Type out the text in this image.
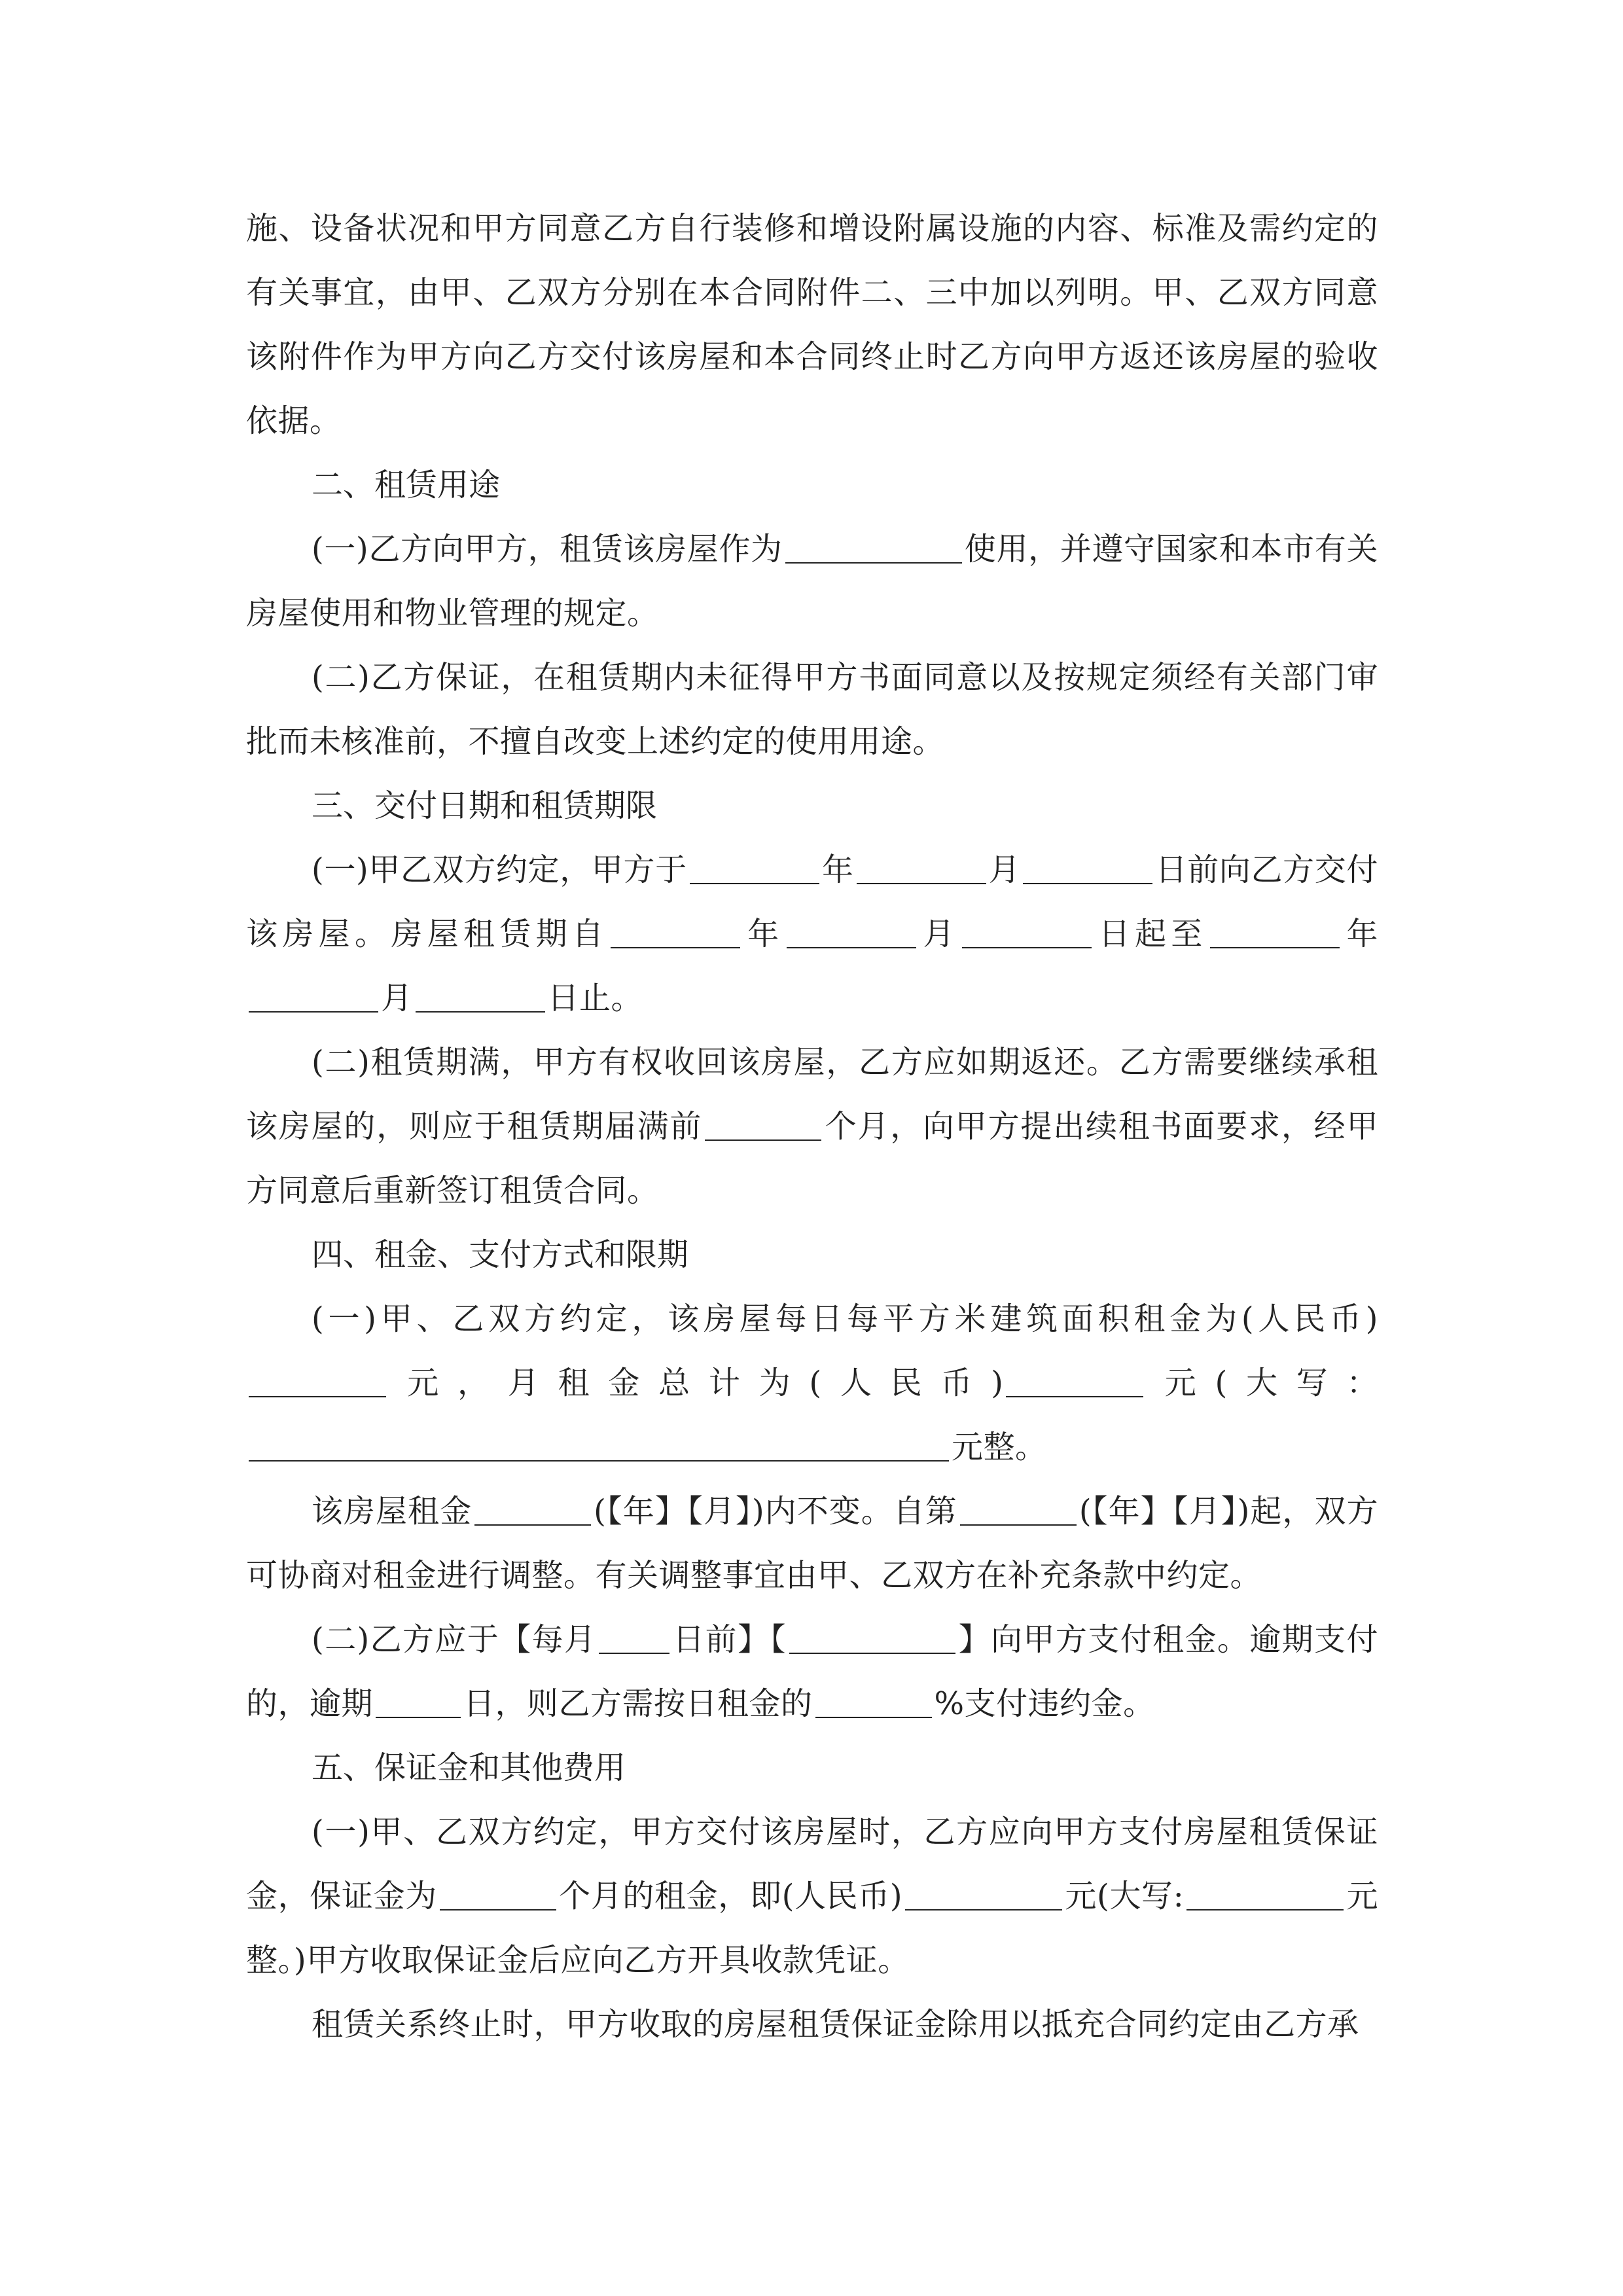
施、设备状况和甲方同意乙方自行装修和增设附属设施的内容、标准及需约定的有关事宜，由甲、乙双方分别在本合同附件二、三中加以列明。甲、乙双方同意该附件作为甲方向乙方交付该房屋和本合同终止时乙方向甲方返还该房屋的验收依据。
二、租赁用途
(一)乙方向甲方，租赁该房屋作为	使用，并遵守国家和本市有关房屋使用和物业管理的规定。
(二)乙方保证，在租赁期内未征得甲方书面同意以及按规定须经有关部门审批而未核准前，不擅自改变上述约定的使用用途。
三、交付日期和租赁期限
(一)甲乙双方约定，甲方于	年	月	日前向乙方交付该房屋。房屋租赁期自	年	月	日起至	年月	日止。
(二)租赁期满，甲方有权收回该房屋，乙方应如期返还。乙方需要继续承租该房屋的，则应于租赁期届满前	个月，向甲方提出续租书面要求，经甲方同意后重新签订租赁合同。
四、租金、支付方式和限期
(一)甲、乙双方约定，该房屋每日每平方米建筑面积租金为(人民币)元，月租金总计为(人民币)	元(大写：元整。
该房屋租金	(【年】【月】)内不变。自第	(【年】【月】)起，双方可协商对租金进行调整。有关调整事宜由甲、乙双方在补充条款中约定。
(二)乙方应于【每月 日前】【	】向甲方支付租金。逾期支付的，逾期	日，则乙方需按日租金的	%支付违约金。
五、保证金和其他费用
(一)甲、乙双方约定，甲方交付该房屋时，乙方应向甲方支付房屋租赁保证金，保证金为	个月的租金，即(人民币)	元(大写:	元整。)甲方收取保证金后应向乙方开具收款凭证。
租赁关系终止时，甲方收取的房屋租赁保证金除用以抵充合同约定由乙方承
